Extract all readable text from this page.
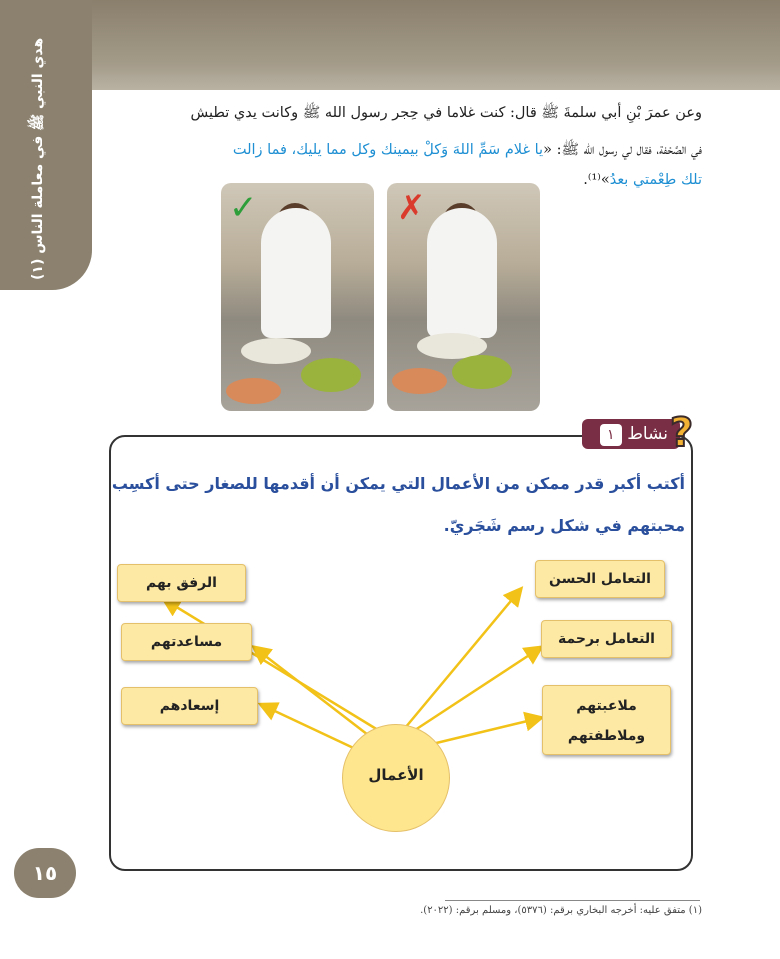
هدي النبي ﷺ في معاملة الناس (١)	وعن عمرَ بْنِ أبي سلمةَ ﷺ قال: كنت غلاما في حِجر رسول الله ﷺ وكانت يدي تطيش
في الصَّحْفة، فقال لي رسول الله ﷺ: «يا غلام سَمِّ اللهَ وَكلْ بيمينك وكل مما يليك، فما زالت
تلك طِعْمتي بعدُ»⁽¹⁾.
✓	✗
نشاط ١	?
أكتب أكبر قدر ممكن من الأعمال التي يمكن أن أقدمها للصغار حتى أكسِب
محبتهم في شكل رسم شَجَريّ.
الرفق بهم
مساعدتهم
إسعادهم
التعامل الحسن
التعامل برحمة
ملاعبتهم
وملاطفتهم
الأعمال
١٥
(١) متفق عليه: أخرجه البخاري برقم: (٥٣٧٦)، ومسلم برقم: (٢٠٢٢).
